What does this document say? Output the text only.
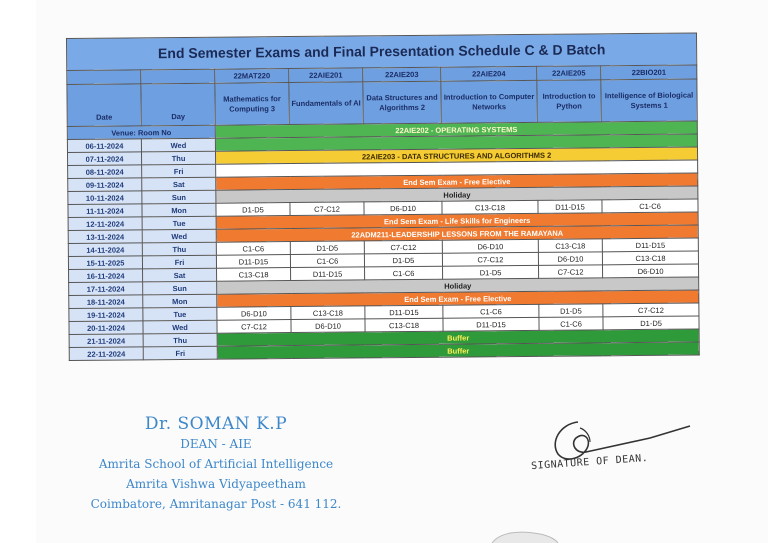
End Semester Exams and Final Presentation Schedule C & D Batch							
		22MAT220	22AIE201	22AIE203	22AIE204	22AIE205	22BIO201
Date	Day	Mathematics for Computing 3	Fundamentals of AI	Data Structures and Algorithms 2	Introduction to Computer Networks	Introduction to Python	Intelligence of Biological Systems 1
Venue: Room No		22AIE202 - OPERATING SYSTEMS					
06-11-2024	Wed						
07-11-2024	Thu	22AIE203 - DATA STRUCTURES AND ALGORITHMS 2					
08-11-2024	Fri						
09-11-2024	Sat	End Sem Exam - Free Elective					
10-11-2024	Sun	Holiday					
11-11-2024	Mon	D1-D5	C7-C12	D6-D10	C13-C18	D11-D15	C1-C6
12-11-2024	Tue	End Sem Exam - Life Skills for Engineers					
13-11-2024	Wed	22ADM211-LEADERSHIP LESSONS FROM THE RAMAYANA					
14-11-2024	Thu	C1-C6	D1-D5	C7-C12	D6-D10	C13-C18	D11-D15
15-11-2025	Fri	D11-D15	C1-C6	D1-D5	C7-C12	D6-D10	C13-C18
16-11-2024	Sat	C13-C18	D11-D15	C1-C6	D1-D5	C7-C12	D6-D10
17-11-2024	Sun	Holiday					
18-11-2024	Mon	End Sem Exam - Free Elective					
19-11-2024	Tue	D6-D10	C13-C18	D11-D15	C1-C6	D1-D5	C7-C12
20-11-2024	Wed	C7-C12	D6-D10	C13-C18	D11-D15	C1-C6	D1-D5
21-11-2024	Thu	Buffer					
22-11-2024	Fri	Buffer					
Dr. SOMAN K.P
DEAN - AIE
Amrita School of Artificial Intelligence
Amrita Vishwa Vidyapeetham
Coimbatore, Amritanagar Post - 641 112.
SIGNATURE OF DEAN.
